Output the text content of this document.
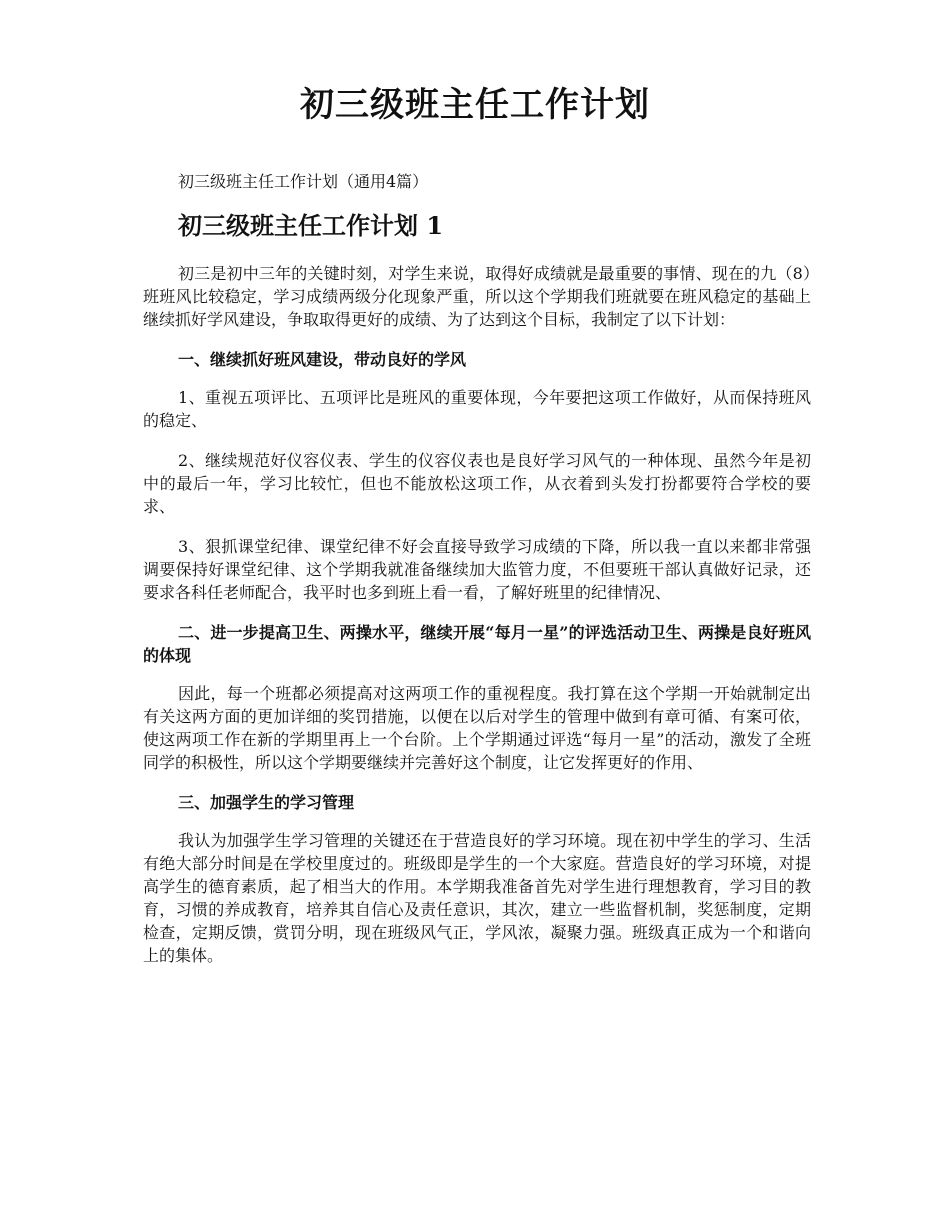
初三级班主任工作计划

初三级班主任工作计划（通用4篇）

初三级班主任工作计划 1

初三是初中三年的关键时刻，对学生来说，取得好成绩就是最重要的事情、现在的九（8）班班风比较稳定，学习成绩两级分化现象严重，所以这个学期我们班就要在班风稳定的基础上继续抓好学风建设，争取取得更好的成绩、为了达到这个目标，我制定了以下计划：

一、继续抓好班风建设，带动良好的学风

1、重视五项评比、五项评比是班风的重要体现，今年要把这项工作做好，从而保持班风的稳定、

2、继续规范好仪容仪表、学生的仪容仪表也是良好学习风气的一种体现、虽然今年是初中的最后一年，学习比较忙，但也不能放松这项工作，从衣着到头发打扮都要符合学校的要求、

3、狠抓课堂纪律、课堂纪律不好会直接导致学习成绩的下降，所以我一直以来都非常强调要保持好课堂纪律、这个学期我就准备继续加大监管力度，不但要班干部认真做好记录，还要求各科任老师配合，我平时也多到班上看一看，了解好班里的纪律情况、

二、进一步提高卫生、两操水平，继续开展“每月一星”的评选活动卫生、两操是良好班风的体现

因此，每一个班都必须提高对这两项工作的重视程度。我打算在这个学期一开始就制定出有关这两方面的更加详细的奖罚措施，以便在以后对学生的管理中做到有章可循、有案可依，使这两项工作在新的学期里再上一个台阶。上个学期通过评选“每月一星”的活动，激发了全班同学的积极性，所以这个学期要继续并完善好这个制度，让它发挥更好的作用、

三、加强学生的学习管理

我认为加强学生学习管理的关键还在于营造良好的学习环境。现在初中学生的学习、生活有绝大部分时间是在学校里度过的。班级即是学生的一个大家庭。营造良好的学习环境，对提高学生的德育素质，起了相当大的作用。本学期我准备首先对学生进行理想教育，学习目的教育，习惯的养成教育，培养其自信心及责任意识，其次，建立一些监督机制，奖惩制度，定期检查，定期反馈，赏罚分明，现在班级风气正，学风浓，凝聚力强。班级真正成为一个和谐向上的集体。
